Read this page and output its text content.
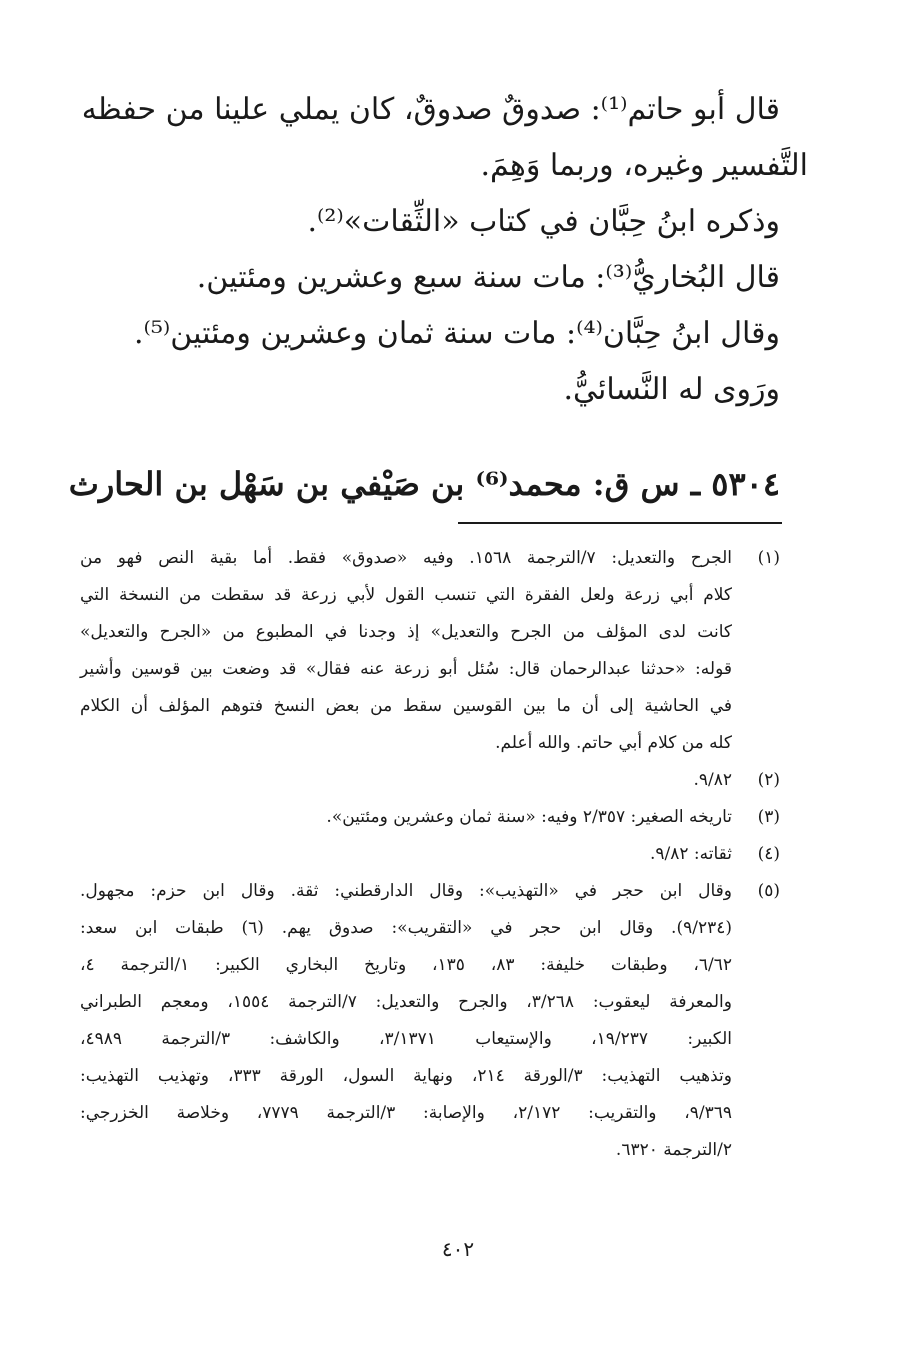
قال أبو حاتم⁽¹⁾: صدوقٌ صدوقٌ، كان يملي علينا من حفظه
التَّفسير وغيره، وربما وَهِمَ.
وذكره ابنُ حِبَّان في كتاب «الثِّقات»⁽²⁾.
قال البُخاريُّ⁽³⁾: مات سنة سبع وعشرين ومئتين.
وقال ابنُ حِبَّان⁽⁴⁾: مات سنة ثمان وعشرين ومئتين⁽⁵⁾.
ورَوى له النَّسائيُّ.
٥٣٠٤ ـ س ق: محمد⁽⁶⁾ بن صَيْفي بن سَهْل بن الحارث
(١)
الجرح والتعديل: ٧/الترجمة ١٥٦٨. وفيه «صدوق» فقط. أما بقية النص فهو من
كلام أبي زرعة ولعل الفقرة التي تنسب القول لأبي زرعة قد سقطت من النسخة التي
كانت لدى المؤلف من الجرح والتعديل» إذ وجدنا في المطبوع من «الجرح والتعديل»
قوله: «حدثنا عبدالرحمان قال: سُئل أبو زرعة عنه فقال» قد وضعت بين قوسين وأشير
في الحاشية إلى أن ما بين القوسين سقط من بعض النسخ فتوهم المؤلف أن الكلام
كله من كلام أبي حاتم. والله أعلم.
(٢)
٩/٨٢.
(٣)
تاريخه الصغير: ٢/٣٥٧ وفيه: «سنة ثمان وعشرين ومئتين».
(٤)
ثقاته: ٩/٨٢.
(٥)
وقال ابن حجر في «التهذيب»: وقال الدارقطني: ثقة. وقال ابن حزم: مجهول.
(٩/٢٣٤). وقال ابن حجر في «التقريب»: صدوق يهم. (٦) طبقات ابن سعد:
٦/٦٢، وطبقات خليفة: ٨٣، ١٣٥، وتاريخ البخاري الكبير: ١/الترجمة ٤،
والمعرفة ليعقوب: ٣/٢٦٨، والجرح والتعديل: ٧/الترجمة ١٥٥٤، ومعجم الطبراني
الكبير: ١٩/٢٣٧، والإستيعاب ٣/١٣٧١، والكاشف: ٣/الترجمة ٤٩٨٩،
وتذهيب التهذيب: ٣/الورقة ٢١٤، ونهاية السول، الورقة ٣٣٣، وتهذيب التهذيب:
٩/٣٦٩، والتقريب: ٢/١٧٢، والإصابة: ٣/الترجمة ٧٧٧٩، وخلاصة الخزرجي:
٢/الترجمة ٦٣٢٠.
٤٠٢
